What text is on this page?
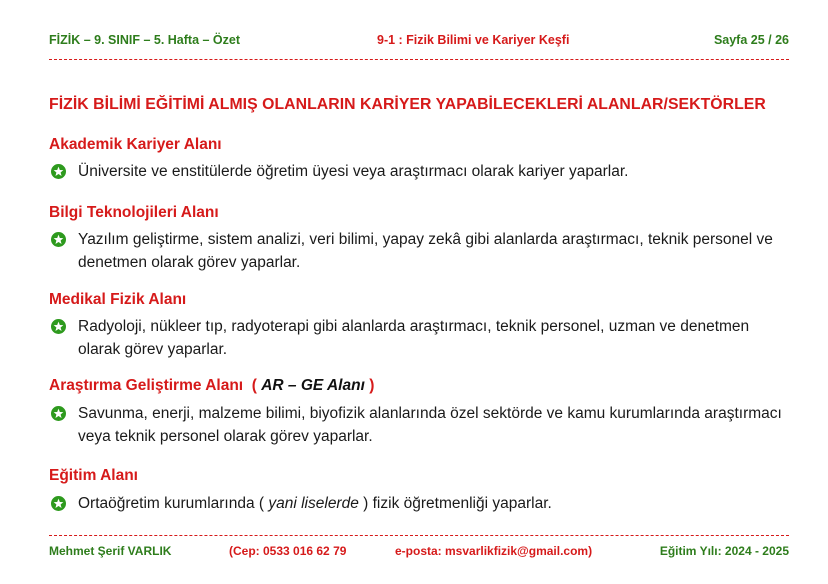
FİZİK – 9. SINIF – 5. Hafta – Özet	9-1 : Fizik Bilimi ve Kariyer Keşfi	Sayfa 25 / 26
FİZİK BİLİMİ EĞİTİMİ ALMIŞ OLANLARIN KARİYER YAPABİLECEKLERİ ALANLAR/SEKTÖRLER
Akademik Kariyer Alanı
Üniversite ve enstitülerde öğretim üyesi veya araştırmacı olarak kariyer yaparlar.
Bilgi Teknolojileri Alanı
Yazılım geliştirme, sistem analizi, veri bilimi, yapay zekâ gibi alanlarda araştırmacı, teknik personel ve denetmen olarak görev yaparlar.
Medikal Fizik Alanı
Radyoloji, nükleer tıp, radyoterapi gibi alanlarda araştırmacı, teknik personel, uzman ve denetmen olarak görev yaparlar.
Araştırma Geliştirme Alanı ( AR – GE Alanı )
Savunma, enerji, malzeme bilimi, biyofizik alanlarında özel sektörde ve kamu kurumlarında araştırmacı veya teknik personel olarak görev yaparlar.
Eğitim Alanı
Ortaöğretim kurumlarında ( yani liselerde ) fizik öğretmenliği yaparlar.
Mehmet Şerif VARLIK	(Cep: 0533 016 62 79	e-posta: msvarlikfizik@gmail.com)	Eğitim Yılı: 2024 - 2025
